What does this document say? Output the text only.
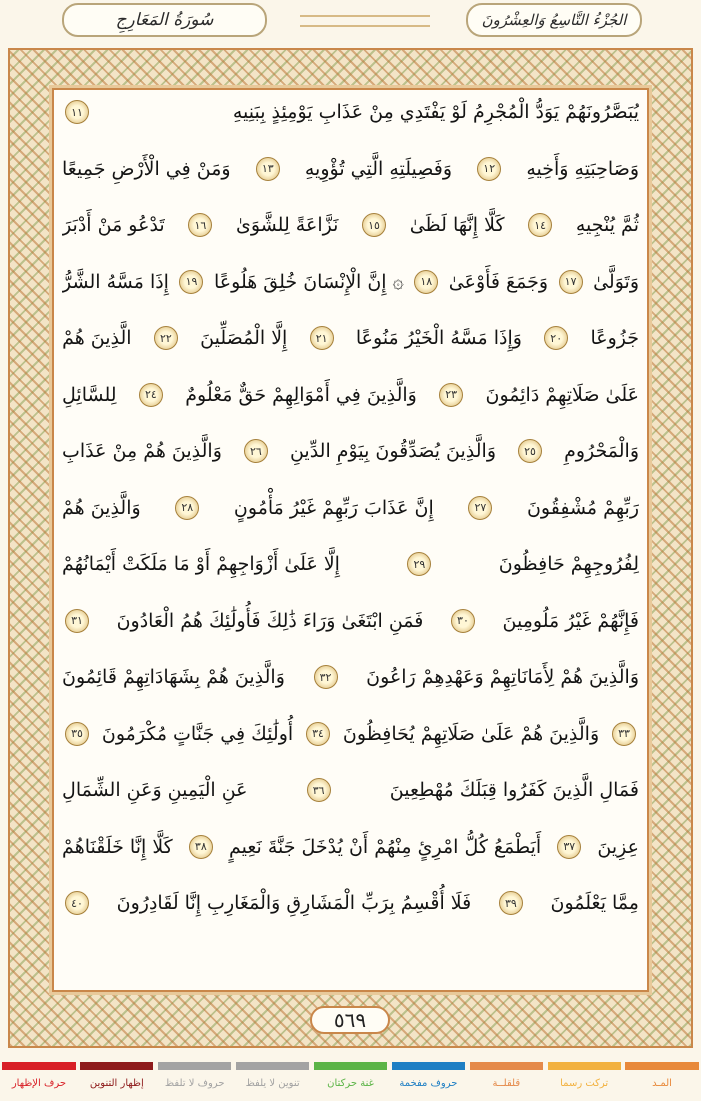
سُورَةُ المَعَارِجِ	الجُزْءُ التَّاسِعُ وَالعِشْرُونَ
يُبَصَّرُونَهُمْ يَوَدُّ الْمُجْرِمُ لَوْ يَفْتَدِي مِنْ عَذَابِ يَوْمِئِذٍ بِبَنِيهِ
١١
وَصَاحِبَتِهِ وَأَخِيهِ
١٢
وَفَصِيلَتِهِ الَّتِي تُؤْوِيهِ
١٣
وَمَنْ فِي الْأَرْضِ جَمِيعًا
ثُمَّ يُنْجِيهِ
١٤
كَلَّا إِنَّهَا لَظَىٰ
١٥
نَزَّاعَةً لِلشَّوَىٰ
١٦
تَدْعُو مَنْ أَدْبَرَ
وَتَوَلَّىٰ
١٧
وَجَمَعَ فَأَوْعَىٰ
١٨
۞ إِنَّ الْإِنْسَانَ خُلِقَ هَلُوعًا
١٩
إِذَا مَسَّهُ الشَّرُّ
جَزُوعًا
٢٠
وَإِذَا مَسَّهُ الْخَيْرُ مَنُوعًا
٢١
إِلَّا الْمُصَلِّينَ
٢٢
الَّذِينَ هُمْ
عَلَىٰ صَلَاتِهِمْ دَائِمُونَ
٢٣
وَالَّذِينَ فِي أَمْوَالِهِمْ حَقٌّ مَعْلُومٌ
٢٤
لِلسَّائِلِ
وَالْمَحْرُومِ
٢٥
وَالَّذِينَ يُصَدِّقُونَ بِيَوْمِ الدِّينِ
٢٦
وَالَّذِينَ هُمْ مِنْ عَذَابِ
رَبِّهِمْ مُشْفِقُونَ
٢٧
إِنَّ عَذَابَ رَبِّهِمْ غَيْرُ مَأْمُونٍ
٢٨
وَالَّذِينَ هُمْ
لِفُرُوجِهِمْ حَافِظُونَ
٢٩
إِلَّا عَلَىٰ أَزْوَاجِهِمْ أَوْ مَا مَلَكَتْ أَيْمَانُهُمْ
فَإِنَّهُمْ غَيْرُ مَلُومِينَ
٣٠
فَمَنِ ابْتَغَىٰ وَرَاءَ ذَٰلِكَ فَأُولَٰئِكَ هُمُ الْعَادُونَ
٣١
وَالَّذِينَ هُمْ لِأَمَانَاتِهِمْ وَعَهْدِهِمْ رَاعُونَ
٣٢
وَالَّذِينَ هُمْ بِشَهَادَاتِهِمْ قَائِمُونَ
٣٣
وَالَّذِينَ هُمْ عَلَىٰ صَلَاتِهِمْ يُحَافِظُونَ
٣٤
أُولَٰئِكَ فِي جَنَّاتٍ مُكْرَمُونَ
٣٥
فَمَالِ الَّذِينَ كَفَرُوا قِبَلَكَ مُهْطِعِينَ
٣٦
عَنِ الْيَمِينِ وَعَنِ الشِّمَالِ
عِزِينَ
٣٧
أَيَطْمَعُ كُلُّ امْرِئٍ مِنْهُمْ أَنْ يُدْخَلَ جَنَّةَ نَعِيمٍ
٣٨
كَلَّا إِنَّا خَلَقْنَاهُمْ
مِمَّا يَعْلَمُونَ
٣٩
فَلَا أُقْسِمُ بِرَبِّ الْمَشَارِقِ وَالْمَغَارِبِ إِنَّا لَقَادِرُونَ
٤٠
٥٦٩
المـد
تركت رسما
قلقلــة
حروف مفخمة
غنة حركتان
تنوين لا يلفظ
حروف لا تلفظ
إظهار التنوين
حرف الإظهار
